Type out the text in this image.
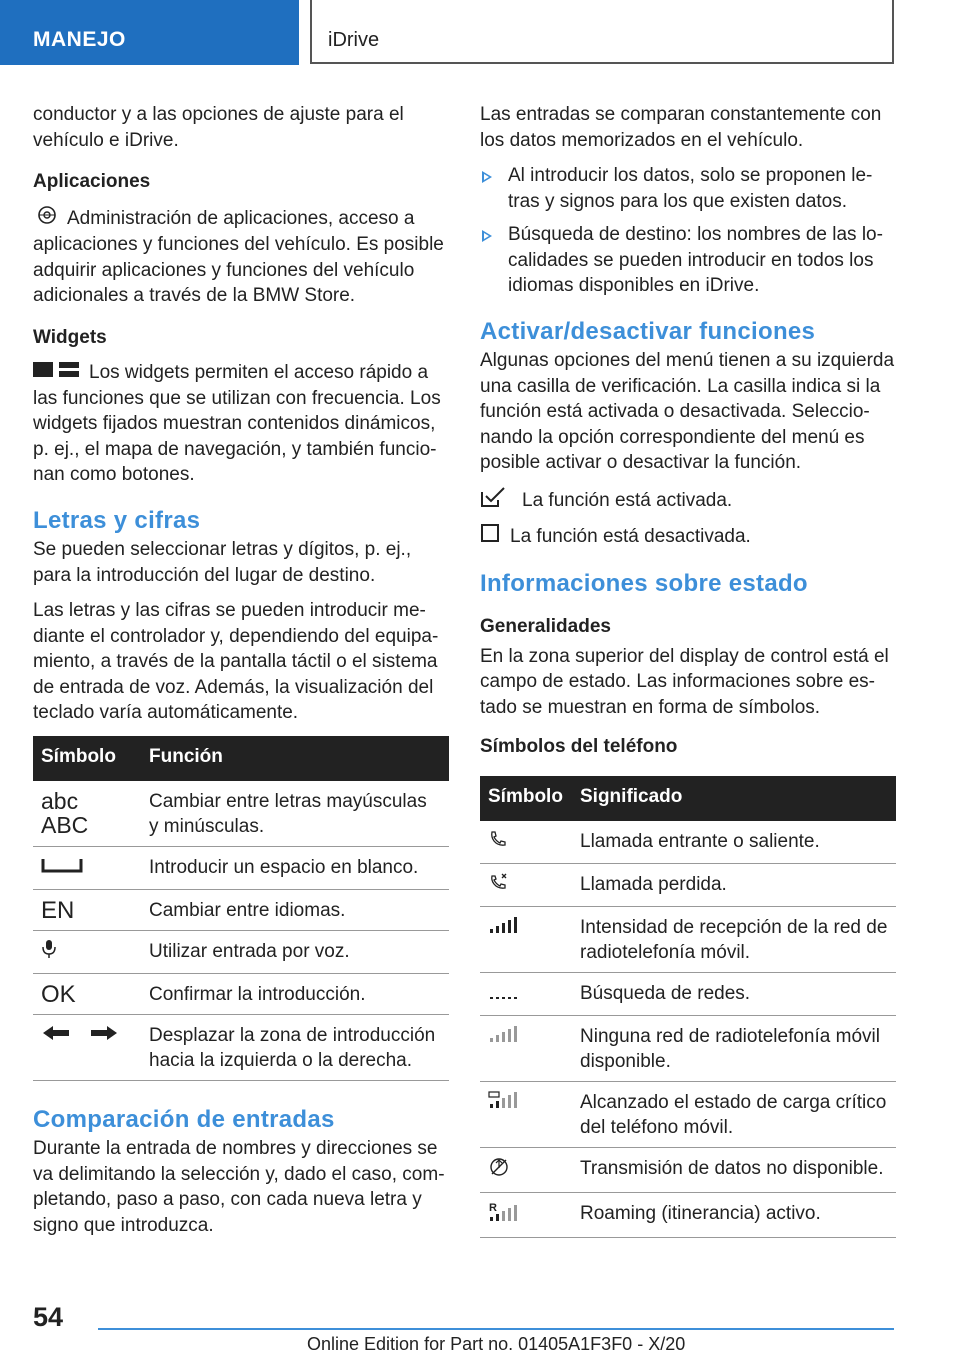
MANEJO	iDrive

conductor y a las opciones de ajuste para el vehículo e iDrive.

Aplicaciones

Administración de aplicaciones, acceso a aplicaciones y funciones del vehículo. Es posible adquirir aplicaciones y funciones del vehículo adicionales a través de la BMW Store.

Widgets

Los widgets permiten el acceso rápido a las funciones que se utilizan con frecuencia. Los widgets fijados muestran contenidos dinámicos, p. ej., el mapa de navegación, y también funcionan como botones.

Letras y cifras

Se pueden seleccionar letras y dígitos, p. ej., para la introducción del lugar de destino.

Las letras y las cifras se pueden introducir mediante el controlador y, dependiendo del equipamiento, a través de la pantalla táctil o el sistema de entrada de voz. Además, la visualización del teclado varía automáticamente.

Símbolo	Función

abc
ABC	Cambiar entre letras mayúsculas y minúsculas.
	Introducir un espacio en blanco.
EN	Cambiar entre idiomas.
	Utilizar entrada por voz.
OK	Confirmar la introducción.
	Desplazar la zona de introducción hacia la izquierda o la derecha.
Comparación de entradas

Durante la entrada de nombres y direcciones se va delimitando la selección y, dado el caso, completando, paso a paso, con cada nueva letra y signo que introduzca.

Las entradas se comparan constantemente con los datos memorizados en el vehículo.

Al introducir los datos, solo se proponen letras y signos para los que existen datos.
Búsqueda de destino: los nombres de las localidades se pueden introducir en todos los idiomas disponibles en iDrive.
Activar/desactivar funciones

Algunas opciones del menú tienen a su izquierda una casilla de verificación. La casilla indica si la función está activada o desactivada. Seleccionando la opción correspondiente del menú es posible activar o desactivar la función.

La función está activada.
La función está desactivada.
Informaciones sobre estado
Generalidades

En la zona superior del display de control está el campo de estado. Las informaciones sobre estado se muestran en forma de símbolos.

Símbolos del teléfono
Símbolo	Significado
	Llamada entrante o saliente.
	Llamada perdida.
	Intensidad de recepción de la red de radiotelefonía móvil.
	Búsqueda de redes.
	Ninguna red de radiotelefonía móvil disponible.
	Alcanzado el estado de carga crítico del teléfono móvil.
	Transmisión de datos no disponible.

R	Roaming (itinerancia) activo.
54
Online Edition for Part no. 01405A1F3F0 - X/20
